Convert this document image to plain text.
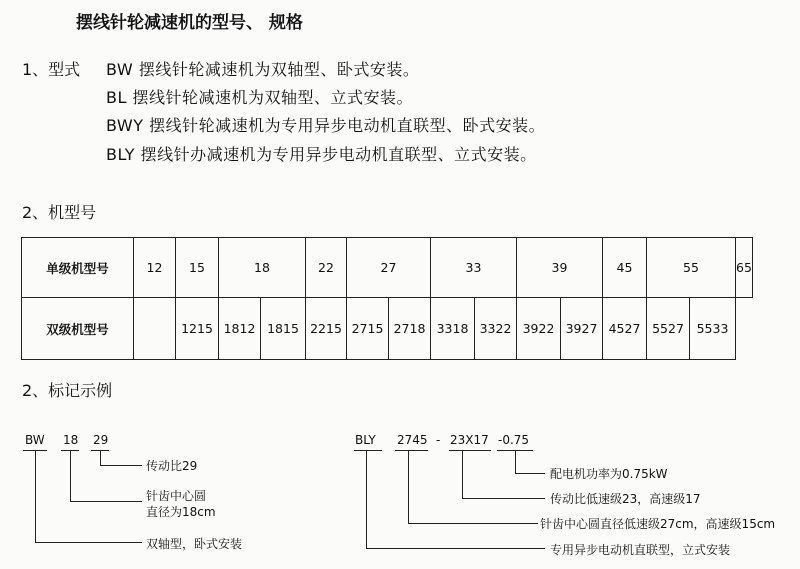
摆线针轮减速机的型号、 规格
1、型式 BW 摆线针轮减速机为双轴型、卧式安装。
BL 摆线针轮减速机为双轴型、立式安装。
BWY 摆线针轮减速机为专用异步电动机直联型、卧式安装。
BLY 摆线针办减速机为专用异步电动机直联型、立式安装。
2、机型号
单级机型号	12	15	18		22	27		33		39		45	55		65
双级机型号		1215	1812	1815	2215	2715	2718	3318	3322	3922	3927	4527	5527	5533	
2、标记示例
BW 18 29
传动比29
针齿中心圆
直径为18cm
双轴型，卧式安装
BLY 2745 - 23X17 -0.75
配电机功率为0.75kW
传动比低速级23，高速级17
针齿中心圆直径低速级27cm，高速级15cm
专用异步电动机直联型，立式安装
